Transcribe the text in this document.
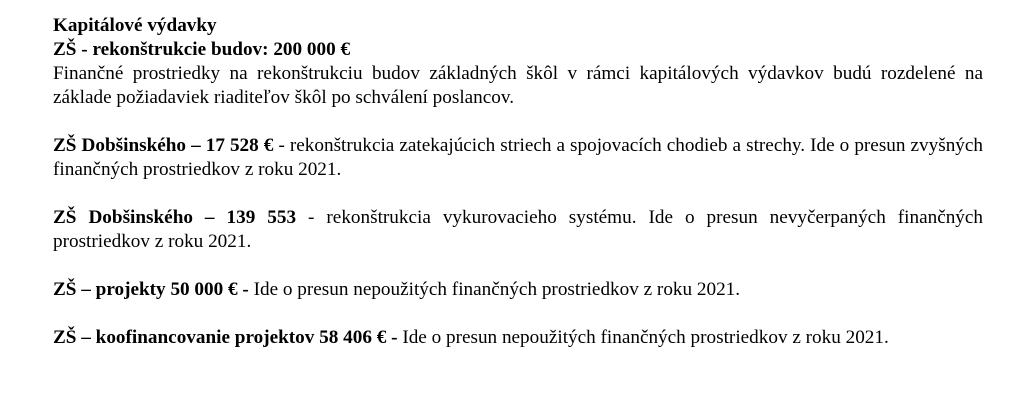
Kapitálové výdavky
ZŠ - rekonštrukcie budov: 200 000 €
Finančné prostriedky na rekonštrukciu budov základných škôl v rámci kapitálových výdavkov budú rozdelené na základe požiadaviek riaditeľov škôl po schválení poslancov.
ZŠ Dobšinského – 17 528 € - rekonštrukcia zatekajúcich striech a spojovacích chodieb a strechy. Ide o presun zvyšných finančných prostriedkov z roku 2021.
ZŠ Dobšinského – 139 553 - rekonštrukcia vykurovacieho systému. Ide o presun nevyčerpaných finančných prostriedkov z roku 2021.
ZŠ – projekty 50 000 € - Ide o presun nepoužitých finančných prostriedkov z roku 2021.
ZŠ – koofinancovanie projektov 58 406 € - Ide o presun nepoužitých finančných prostriedkov z roku 2021.
